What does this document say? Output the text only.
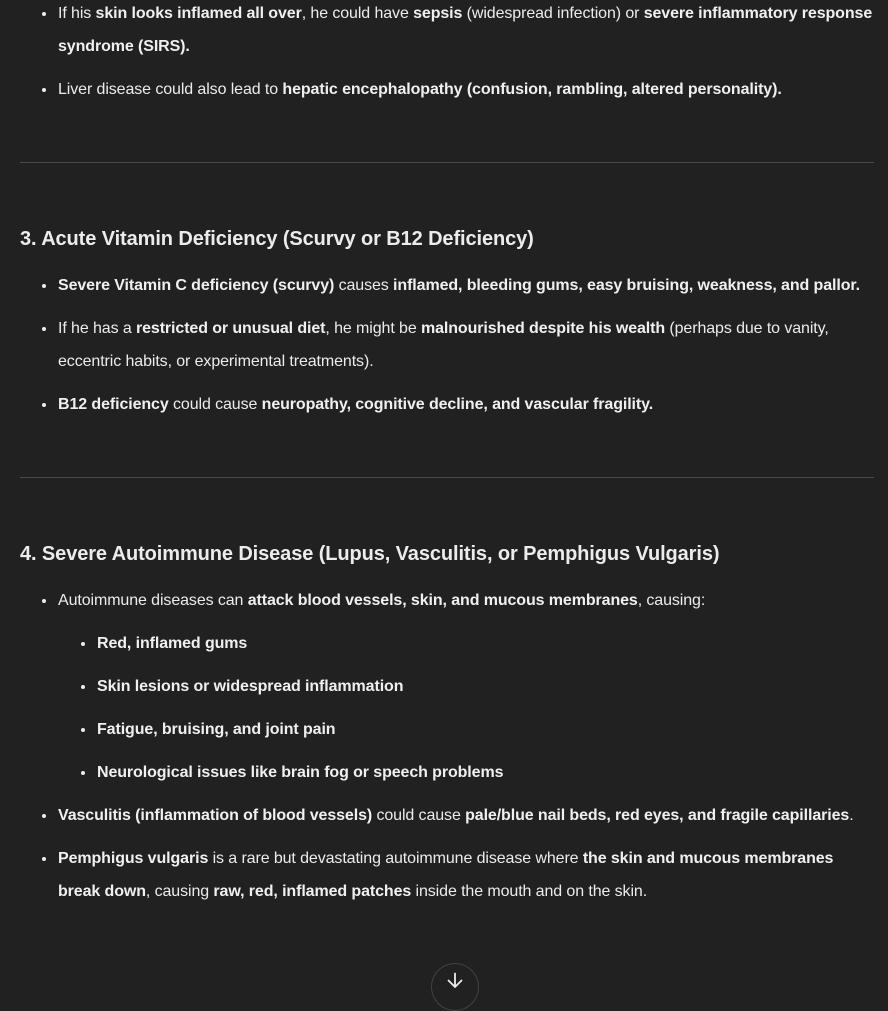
• If his skin looks inflamed all over, he could have sepsis (widespread infection) or severe inflammatory response syndrome (SIRS).
• Liver disease could also lead to hepatic encephalopathy (confusion, rambling, altered personality).
3. Acute Vitamin Deficiency (Scurvy or B12 Deficiency)
• Severe Vitamin C deficiency (scurvy) causes inflamed, bleeding gums, easy bruising, weakness, and pallor.
• If he has a restricted or unusual diet, he might be malnourished despite his wealth (perhaps due to vanity, eccentric habits, or experimental treatments).
• B12 deficiency could cause neuropathy, cognitive decline, and vascular fragility.
4. Severe Autoimmune Disease (Lupus, Vasculitis, or Pemphigus Vulgaris)
• Autoimmune diseases can attack blood vessels, skin, and mucous membranes, causing:
• Red, inflamed gums
• Skin lesions or widespread inflammation
• Fatigue, bruising, and joint pain
• Neurological issues like brain fog or speech problems
• Vasculitis (inflammation of blood vessels) could cause pale/blue nail beds, red eyes, and fragile capillaries.
• Pemphigus vulgaris is a rare but devastating autoimmune disease where the skin and mucous membranes break down, causing raw, red, inflamed patches inside the mouth and on the skin.
